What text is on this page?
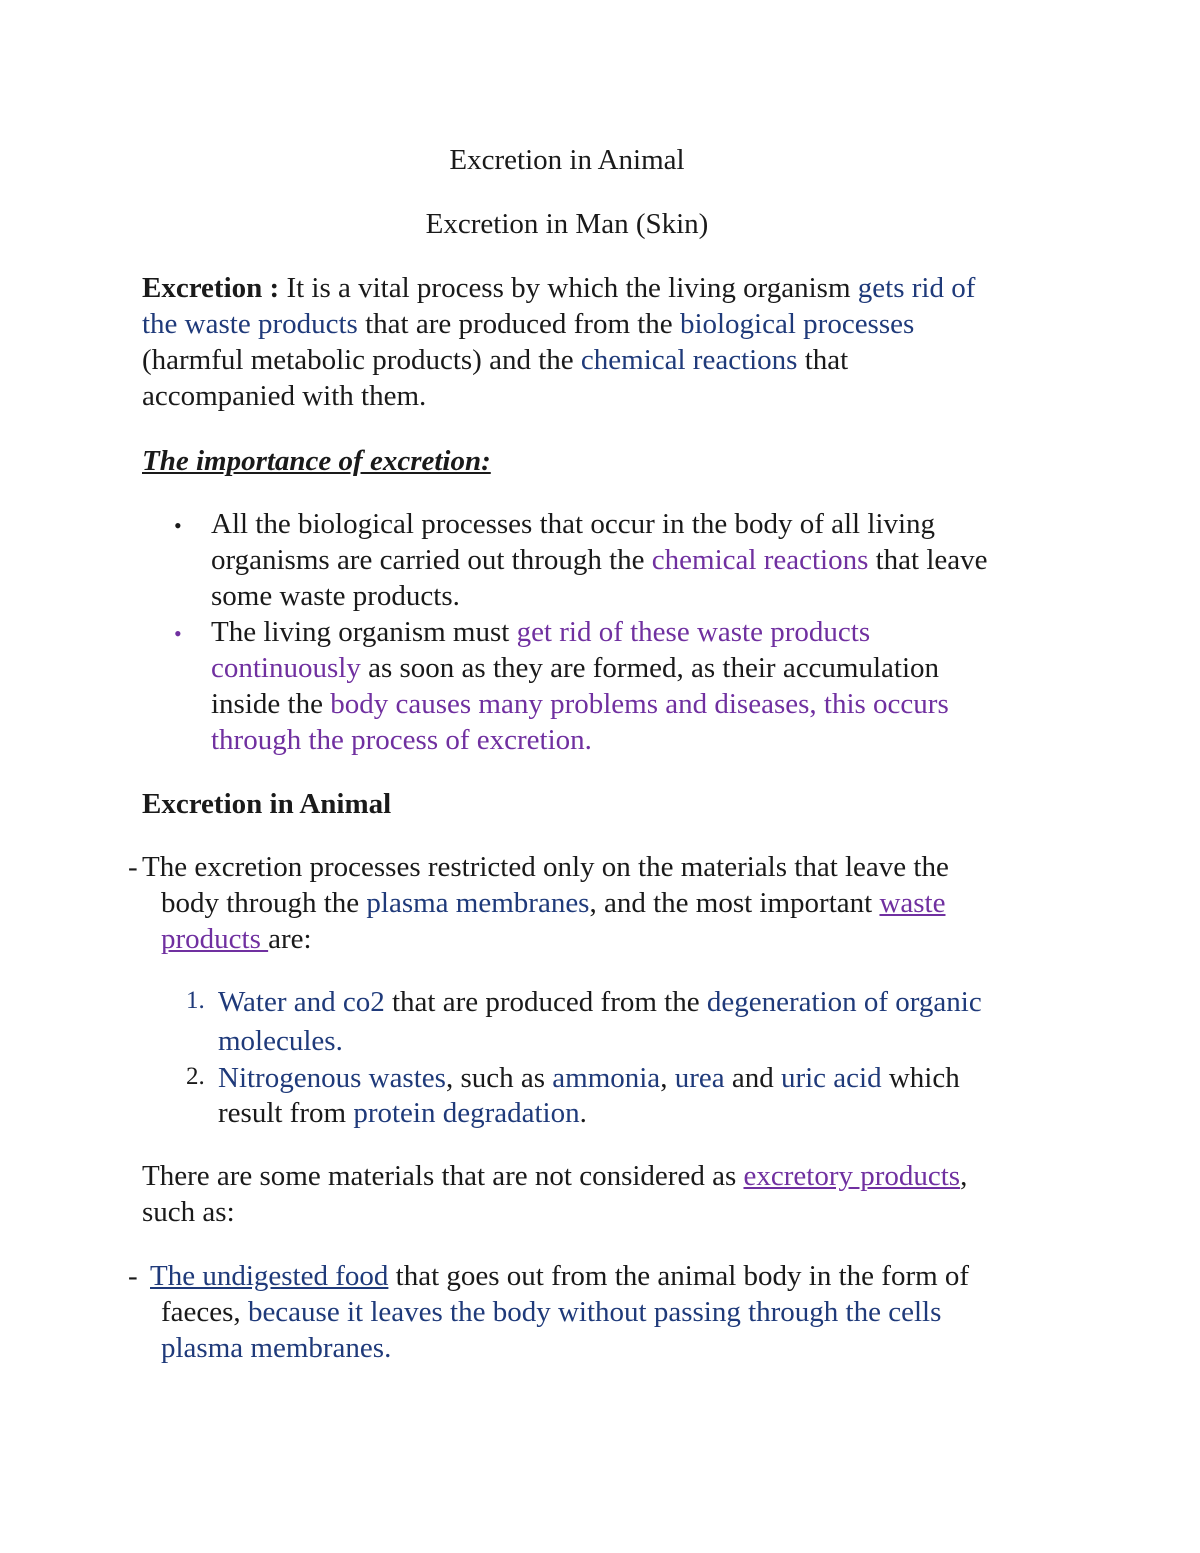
Excretion in Animal
Excretion in Man (Skin)
Excretion : It is a vital process by which the living organism gets rid of
the waste products that are produced from the biological processes
(harmful metabolic products) and the chemical reactions that
accompanied with them.
The importance of excretion:
• All the biological processes that occur in the body of all living
organisms are carried out through the chemical reactions that leave
some waste products.
• The living organism must get rid of these waste products
continuously as soon as they are formed, as their accumulation
inside the body causes many problems and diseases, this occurs
through the process of excretion.
Excretion in Animal
- The excretion processes restricted only on the materials that leave the
body through the plasma membranes, and the most important waste
products are:
1. Water and co2 that are produced from the degeneration of organic
molecules.
2. Nitrogenous wastes, such as ammonia, urea and uric acid which
result from protein degradation.
There are some materials that are not considered as excretory products,
such as:
- The undigested food that goes out from the animal body in the form of
faeces, because it leaves the body without passing through the cells
plasma membranes.
